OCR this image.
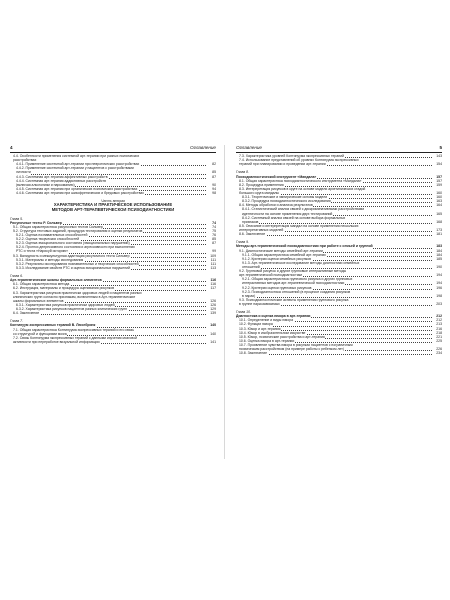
4	Оглавление
4.4. Особенности применения системной арт-терапии при разных психических
расстройствах
4.4.1. Применение системной арт-терапии при невротических расстройствах	82
4.4.2. Применение системной арт-терапии у пациентов с расстройствами
личности	85
4.4.3. Системная арт-терапия аффективных расстройств	87
4.4.4. Системная арт-терапия аддиктивных расстройств
(включая алкоголизм и наркоманию)	90
4.4.5. Системная арт-терапия при органических психических расстройствах	94
4.4.6. Системная арт-терапия при шизофренических и бредовых расстройствах	98
Часть вторая
ХАРАКТЕРИСТИКА И ПРАКТИЧЕСКОЕ ИСПОЛЬЗОВАНИЕ
МЕТОДОВ АРТ-ТЕРАПЕВТИЧЕСКОЙ ПСИХОДИАГНОСТИКИ
Глава 5.
Рисуночные тесты Р. Сильвер	74
5.1. Общая характеристика рисуночных тестов Сильвер	74
5.2. Структура тестовых заданий, процедура тестирования и оценки результатов	75
5.2.1. Оценка познавательных способностей	76
5.2.2. Оценка творческих способностей	85
5.2.3. Оценка эмоционального состояния (эмоциональных нарушений)	87
5.2.4. Прогноз депрессивного состояния и агрессивности при выполнении
РТС и теста «Нарисуй историю»	99
5.3. Валидность и межкультурная адаптация рисуночного теста Сильвер	109
5.3.1. Материалы и методы исследования	111
5.3.2. Результаты исследования познавательных и творческих способностей	111
5.3.3. Исследование свойств РТС и оценка эмоциональных нарушений	113
Глава 6.
Арт-терапевтические шкалы формальных элементов	116
6.1. Общая характеристика метода	116
6.2. Инструкция, материалы и процедура оценивания рисунков	117
6.3. Характеристика рисунков практически здоровых людей и пациентов разных
клинических групп согласно признакам, включенным в Арт-терапевтические
шкалы формальных элементов	126
6.3.1. Характеристика рисунков практически здоровых людей	126
6.3.2. Характеристика рисунков пациентов разных клинических групп	129
6.4. Заключение	139
Глава 7.
Континуум экспрессивных терапий В. Люсебринк	140
7.1. Общая характеристика Континуума экспрессивных терапий и его связь
со структурой и функциями мозга	140
7.2. Связь Континуума экспрессивных терапий с данными изучения мозговой
активности при переработке визуальной информации	141
Оглавление	5
7.3. Характеристика уровней Континуума экспрессивных терапий	143
7.4. Использование представлений об уровнях Континуума экспрессивных
терапий при планировании и проведении арт-терапии	154
Глава 8.
Психодиагностический инструмент «Мандала»	157
8.1. Общая характеристика психодиагностического инструмента «Мандала»	157
8.2. Процедура применения	159
8.3. Интерпретация рисунков в круге на основе модели архетипических стадий
большого круга мандалы	160
8.3.1. Теоретические и эмпирические основы модели	160
8.3.2. Процедура психодиагностического исследования	163
8.4. Методы обработки и анализа результатов	164
8.4.1. Статистический анализ связей с дискриминативными расстройствами
идентичности на основе применения двух тестирований	165
8.4.2. Системный анализ связей на основе выбора формальных
признаков	168
8.5. Описание и интерпретация мандал на основе применения нескольких
интерпретативных моделей	173
8.6. Заключение	181
Глава 9.
Методы арт-терапевтической психодиагностики при работе с семьей и группой	183
9.1. Диагностические методы семейной арт-терапии	184
9.1.1. Общая характеристика семейной арт-терапии	184
9.1.2. Критерии оценки семейных рисунков	185
9.1.3. Арт-терапевтическое исследование методы диагностики семейных
отношений	190
9.2. Групповой рисунок и другие групповые интерактивные методы
арт-терапевтической психодиагностики	194
9.2.1. Общая характеристика группового рисунка и других групповых
интерактивных методов арт-терапевтической психодиагностики	194
9.2.2. Критерии оценки групповых рисунков	196
9.2.3. Психодиагностика отношений (в процессе создания рисунков
в парах)	198
9.3. Психодиагностические аспекты применения группового рисунка
в группе наркозависимых	203
Глава 10.
Диагностика и оценка юмора в арт-терапии	212
10.1. Определение и виды юмора	212
10.2. Функции юмора	213
10.3. Юмор и арт-терапия	216
10.4. Юмор в изобразительном искусстве	218
10.5. Юмор, психические расстройства и арт-терапия	221
10.6. Оценка юмора в арт-терапии	225
10.7. Проявление чувства юмора в рисунках пациентов с пограничным
психическим расстройством (на примере работы с ребенком лет)	226
10.8. Заключение	234
